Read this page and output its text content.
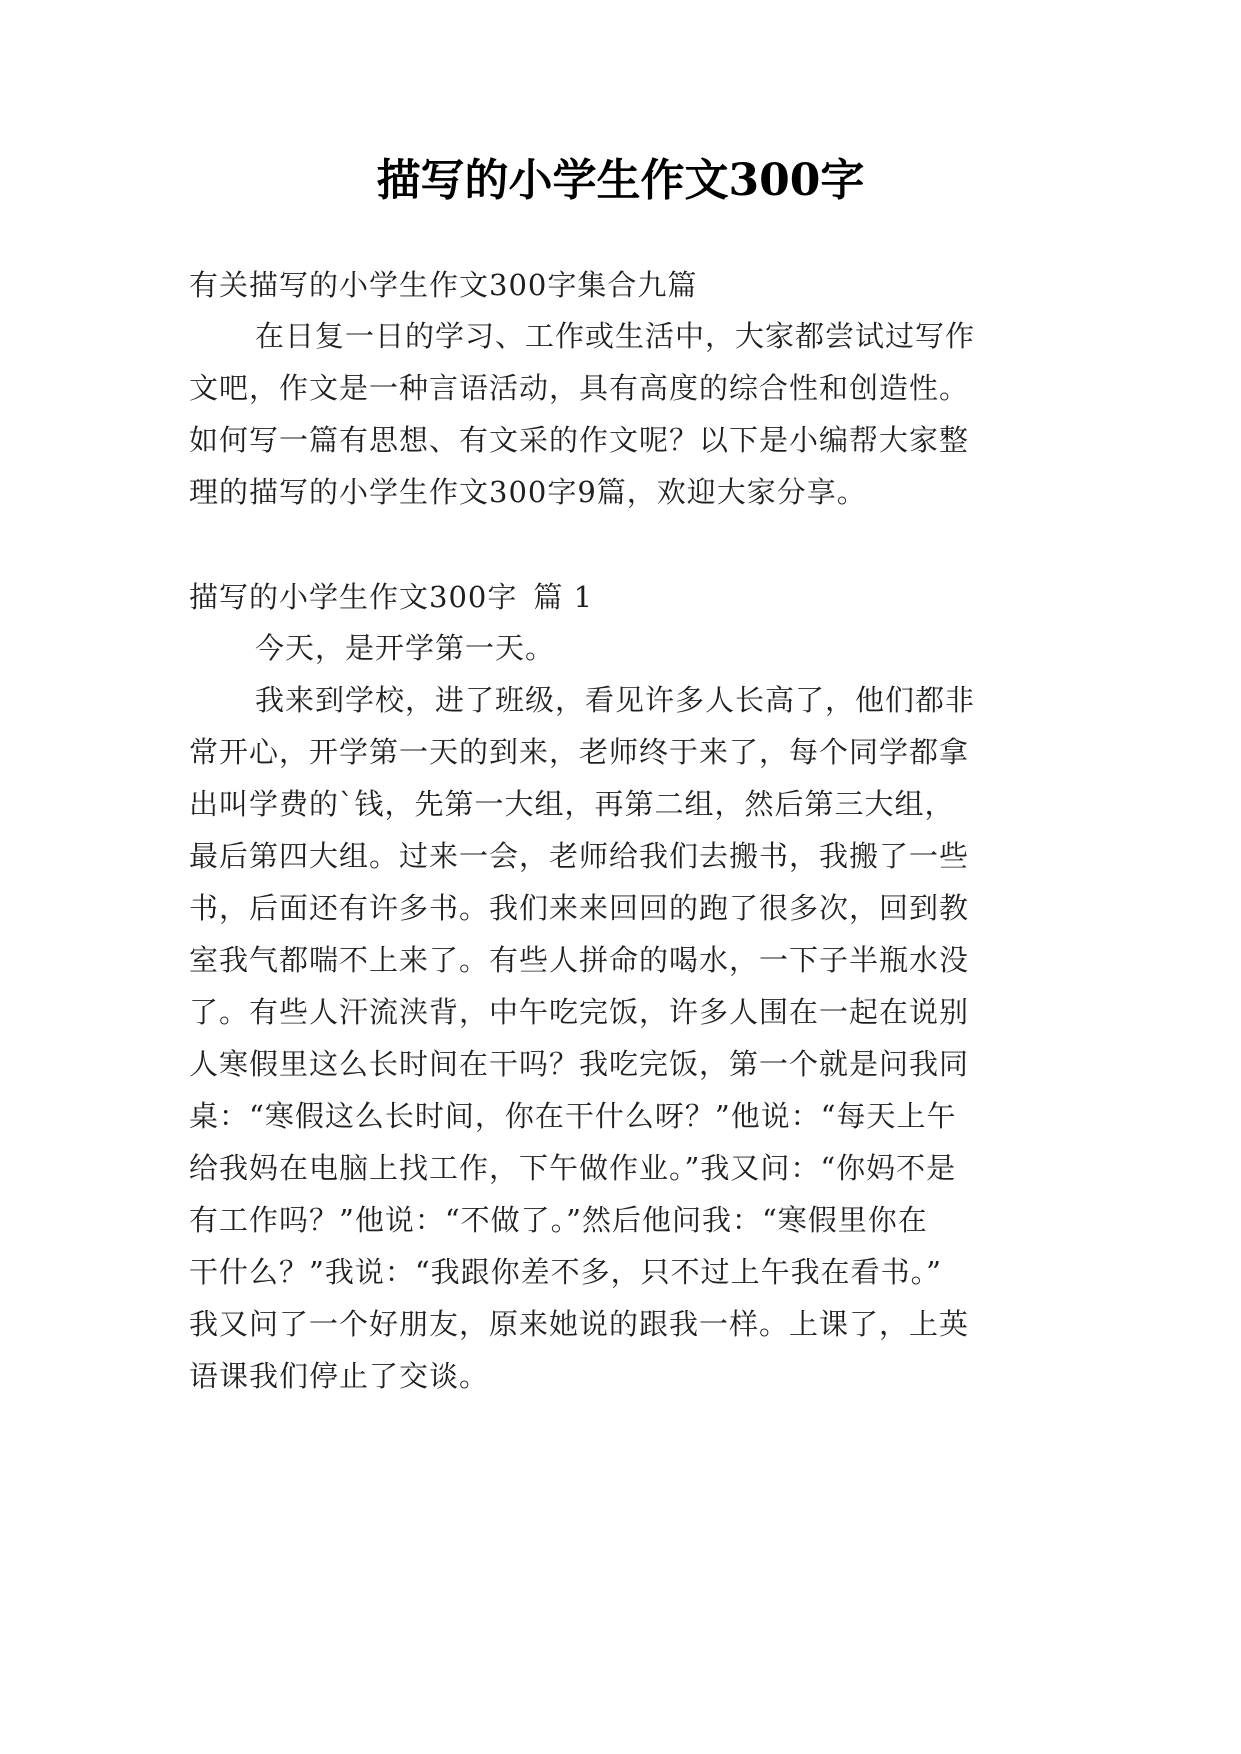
描写的小学生作文300字

有关描写的小学生作文300字集合九篇

在日复一日的学习、工作或生活中，大家都尝试过写作

文吧，作文是一种言语活动，具有高度的综合性和创造性。

如何写一篇有思想、有文采的作文呢？以下是小编帮大家整

理的描写的小学生作文300字9篇，欢迎大家分享。

描写的小学生作文300字 篇 1

今天，是开学第一天。

我来到学校，进了班级，看见许多人长高了，他们都非

常开心，开学第一天的到来，老师终于来了，每个同学都拿

出叫学费的`钱，先第一大组，再第二组，然后第三大组，

最后第四大组。过来一会，老师给我们去搬书，我搬了一些

书，后面还有许多书。我们来来回回的跑了很多次，回到教

室我气都喘不上来了。有些人拼命的喝水，一下子半瓶水没

了。有些人汗流浃背，中午吃完饭，许多人围在一起在说别

人寒假里这么长时间在干吗？我吃完饭，第一个就是问我同

桌：“寒假这么长时间，你在干什么呀？”他说：“每天上午

给我妈在电脑上找工作，下午做作业。”我又问：“你妈不是

有工作吗？”他说：“不做了。”然后他问我：“寒假里你在

干什么？”我说：“我跟你差不多，只不过上午我在看书。”

我又问了一个好朋友，原来她说的跟我一样。上课了，上英

语课我们停止了交谈。
